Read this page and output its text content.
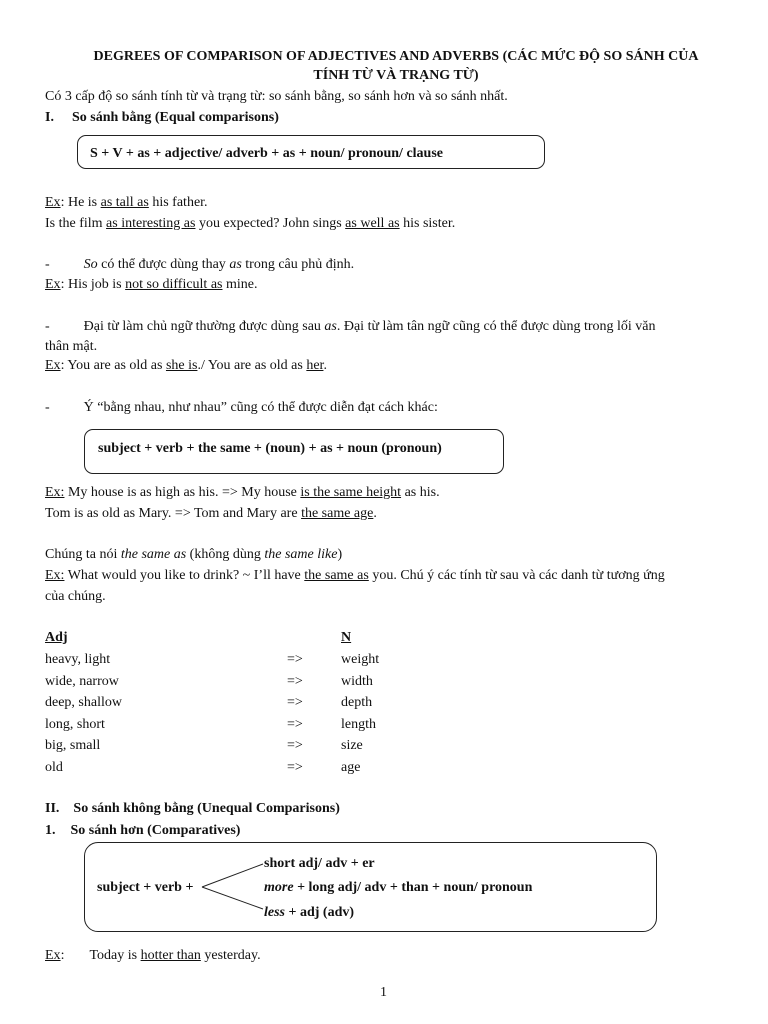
DEGREES OF COMPARISON OF ADJECTIVES AND ADVERBS (CÁC MỨC ĐỘ SO SÁNH CỦA
TÍNH TỪ VÀ TRẠNG TỪ)
Có 3 cấp độ so sánh tính từ và trạng từ: so sánh bằng, so sánh hơn và so sánh nhất.
I. So sánh bằng (Equal comparisons)
S + V + as + adjective/ adverb + as + noun/ pronoun/ clause
Ex: He is as tall as his father.
Is the film as interesting as you expected? John sings as well as his sister.
- So có thể được dùng thay as trong câu phủ định.
Ex: His job is not so difficult as mine.
- Đại từ làm chủ ngữ thường được dùng sau as. Đại từ làm tân ngữ cũng có thể được dùng trong lối văn
thân mật.
Ex: You are as old as she is./ You are as old as her.
- Ý “bằng nhau, như nhau” cũng có thể được diễn đạt cách khác:
subject + verb + the same + (noun) + as + noun (pronoun)
Ex: My house is as high as his. => My house is the same height as his.
Tom is as old as Mary. => Tom and Mary are the same age.
Chúng ta nói the same as (không dùng the same like)
Ex: What would you like to drink? ~ I’ll have the same as you. Chú ý các tính từ sau và các danh từ tương ứng
của chúng.
Adj	N
heavy, light	=>	weight
wide, narrow	=>	width
deep, shallow	=>	depth
long, short	=>	length
big, small	=>	size
old	=>	age
II. So sánh không bằng (Unequal Comparisons)
1. So sánh hơn (Comparatives)
subject + verb +
short adj/ adv + er
more + long adj/ adv + than + noun/ pronoun
less + adj (adv)
Ex: Today is hotter than yesterday.
1
